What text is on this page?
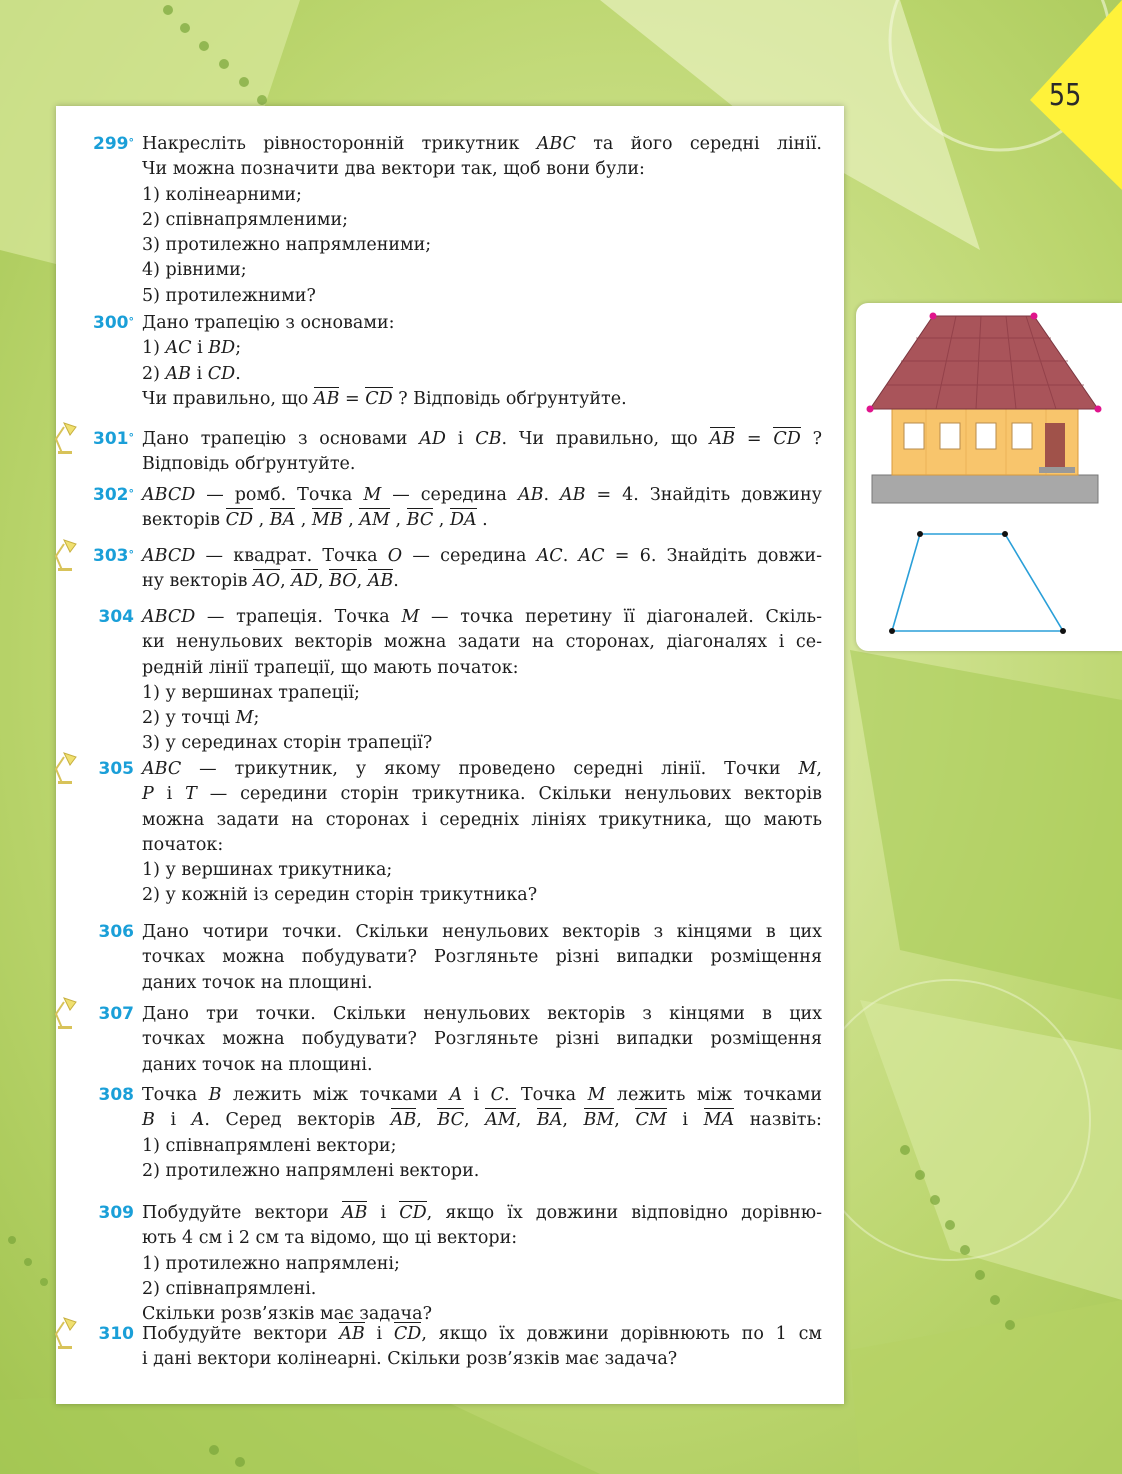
55
299° Накресліть рівносторонній трикутник ABC та його середні лінії.
Чи можна позначити два вектори так, щоб вони були:
1) колінеарними;
2) співнапрямленими;
3) протилежно напрямленими;
4) рівними;
5) протилежними?
300° Дано трапецію з основами:
1) AC і BD;
2) AB і CD.
Чи правильно, що AB = CD ? Відповідь обґрунтуйте.
301° Дано трапецію з основами AD і CB. Чи правильно, що AB = CD ?
Відповідь обґрунтуйте.
302° ABCD — ромб. Точка M — середина AB. AB = 4. Знайдіть довжину
векторів CD , BA , MB , AM , BC , DA .
303° ABCD — квадрат. Точка O — середина AC. AC = 6. Знайдіть довжи-
ну векторів AO, AD, BO, AB.
304 ABCD — трапеція. Точка M — точка перетину її діагоналей. Скіль-
ки ненульових векторів можна задати на сторонах, діагоналях і се-
редній лінії трапеції, що мають початок:
1) у вершинах трапеції;
2) у точці M;
3) у серединах сторін трапеції?
305 ABC — трикутник, у якому проведено середні лінії. Точки M,
P і T — середини сторін трикутника. Скільки ненульових векторів
можна задати на сторонах і середніх лініях трикутника, що мають
початок:
1) у вершинах трикутника;
2) у кожній із середин сторін трикутника?
306 Дано чотири точки. Скільки ненульових векторів з кінцями в цих
точках можна побудувати? Розгляньте різні випадки розміщення
даних точок на площині.
307 Дано три точки. Скільки ненульових векторів з кінцями в цих
точках можна побудувати? Розгляньте різні випадки розміщення
даних точок на площині.
308 Точка B лежить між точками A і C. Точка M лежить між точками
B і A. Серед векторів AB, BC, AM, BA, BM, CM і MA назвіть:
1) співнапрямлені вектори;
2) протилежно напрямлені вектори.
309 Побудуйте вектори AB і CD, якщо їх довжини відповідно дорівню-
ють 4 см і 2 см та відомо, що ці вектори:
1) протилежно напрямлені;
2) співнапрямлені.
Скільки розв’язків має задача?
310 Побудуйте вектори AB і CD, якщо їх довжини дорівнюють по 1 см
і дані вектори колінеарні. Скільки розв’язків має задача?
